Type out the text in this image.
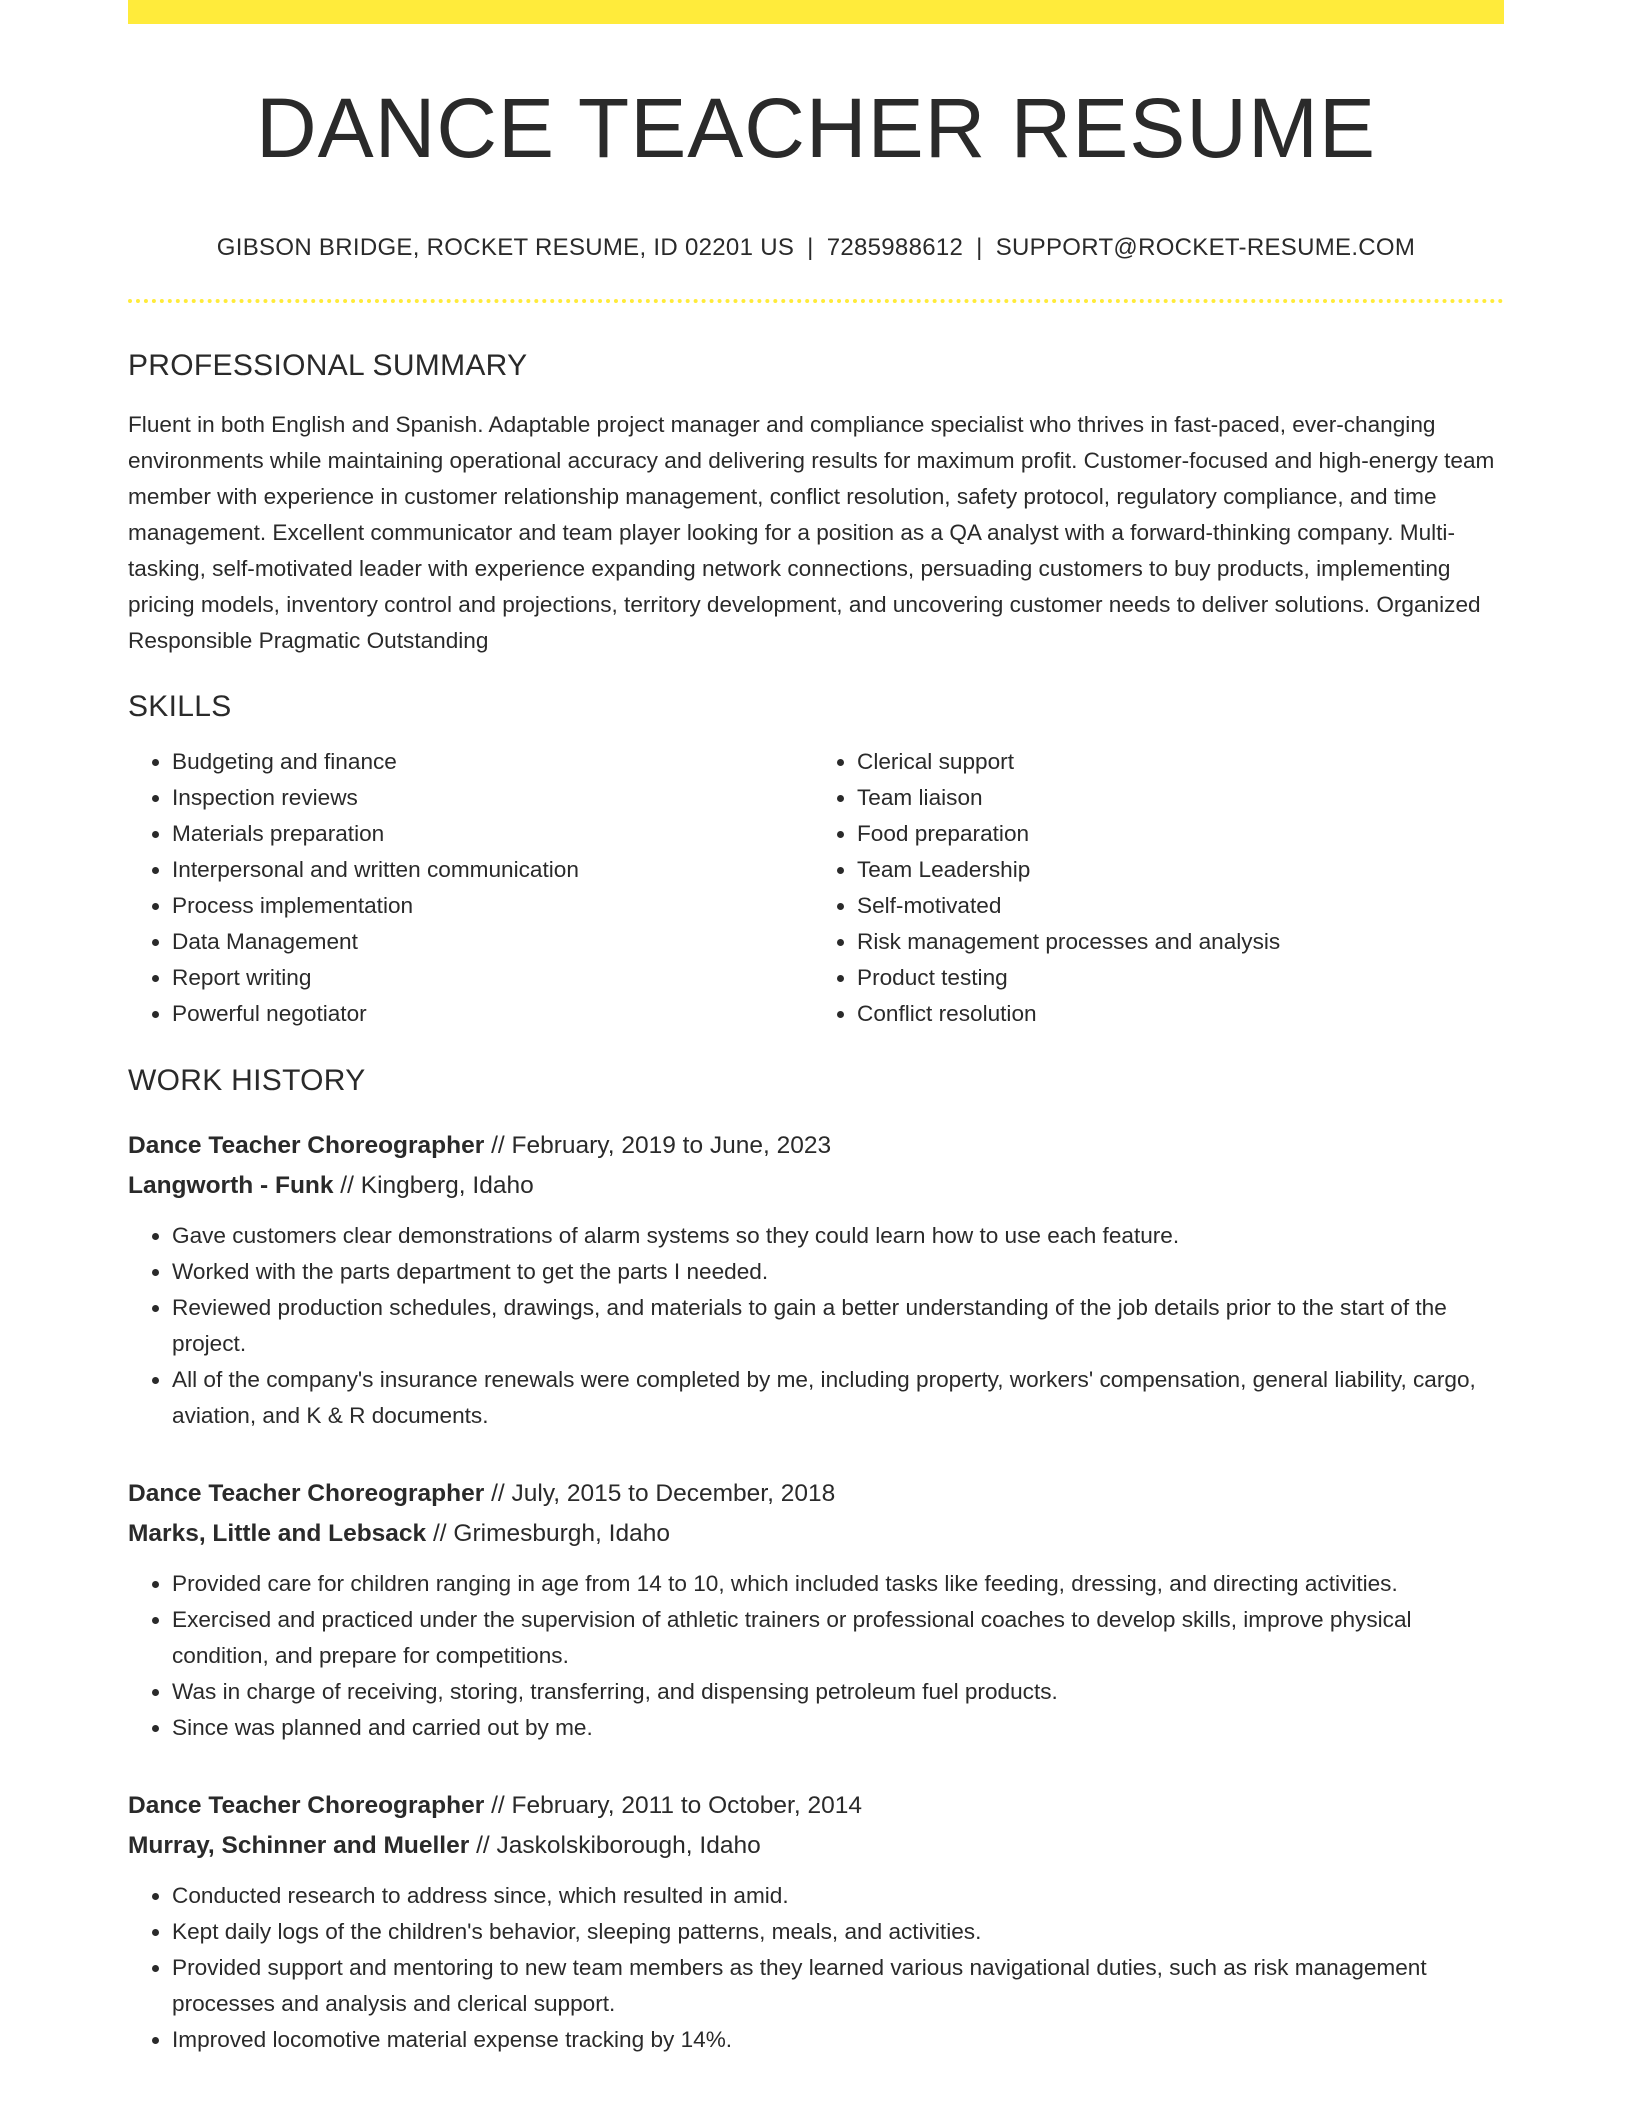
DANCE TEACHER RESUME
GIBSON BRIDGE, ROCKET RESUME, ID 02201 US | 7285988612 | SUPPORT@ROCKET-RESUME.COM
PROFESSIONAL SUMMARY

Fluent in both English and Spanish. Adaptable project manager and compliance specialist who thrives in fast-paced, ever-changing environments while maintaining operational accuracy and delivering results for maximum profit. Customer-focused and high-energy team member with experience in customer relationship management, conflict resolution, safety protocol, regulatory compliance, and time management. Excellent communicator and team player looking for a position as a QA analyst with a forward-thinking company. Multi-tasking, self-motivated leader with experience expanding network connections, persuading customers to buy products, implementing pricing models, inventory control and projections, territory development, and uncovering customer needs to deliver solutions. Organized Responsible Pragmatic Outstanding

SKILLS
• Budgeting and finance
• Inspection reviews
• Materials preparation
• Interpersonal and written communication
• Process implementation
• Data Management
• Report writing
• Powerful negotiator
• Clerical support
• Team liaison
• Food preparation
• Team Leadership
• Self-motivated
• Risk management processes and analysis
• Product testing
• Conflict resolution
WORK HISTORY
Dance Teacher Choreographer // February, 2019 to June, 2023
Langworth - Funk // Kingberg, Idaho
• Gave customers clear demonstrations of alarm systems so they could learn how to use each feature.
• Worked with the parts department to get the parts I needed.
• Reviewed production schedules, drawings, and materials to gain a better understanding of the job details prior to the start of the project.
• All of the company's insurance renewals were completed by me, including property, workers' compensation, general liability, cargo, aviation, and K & R documents.
Dance Teacher Choreographer // July, 2015 to December, 2018
Marks, Little and Lebsack // Grimesburgh, Idaho
• Provided care for children ranging in age from 14 to 10, which included tasks like feeding, dressing, and directing activities.
• Exercised and practiced under the supervision of athletic trainers or professional coaches to develop skills, improve physical condition, and prepare for competitions.
• Was in charge of receiving, storing, transferring, and dispensing petroleum fuel products.
• Since was planned and carried out by me.
Dance Teacher Choreographer // February, 2011 to October, 2014
Murray, Schinner and Mueller // Jaskolskiborough, Idaho
• Conducted research to address since, which resulted in amid.
• Kept daily logs of the children's behavior, sleeping patterns, meals, and activities.
• Provided support and mentoring to new team members as they learned various navigational duties, such as risk management processes and analysis and clerical support.
• Improved locomotive material expense tracking by 14%.
